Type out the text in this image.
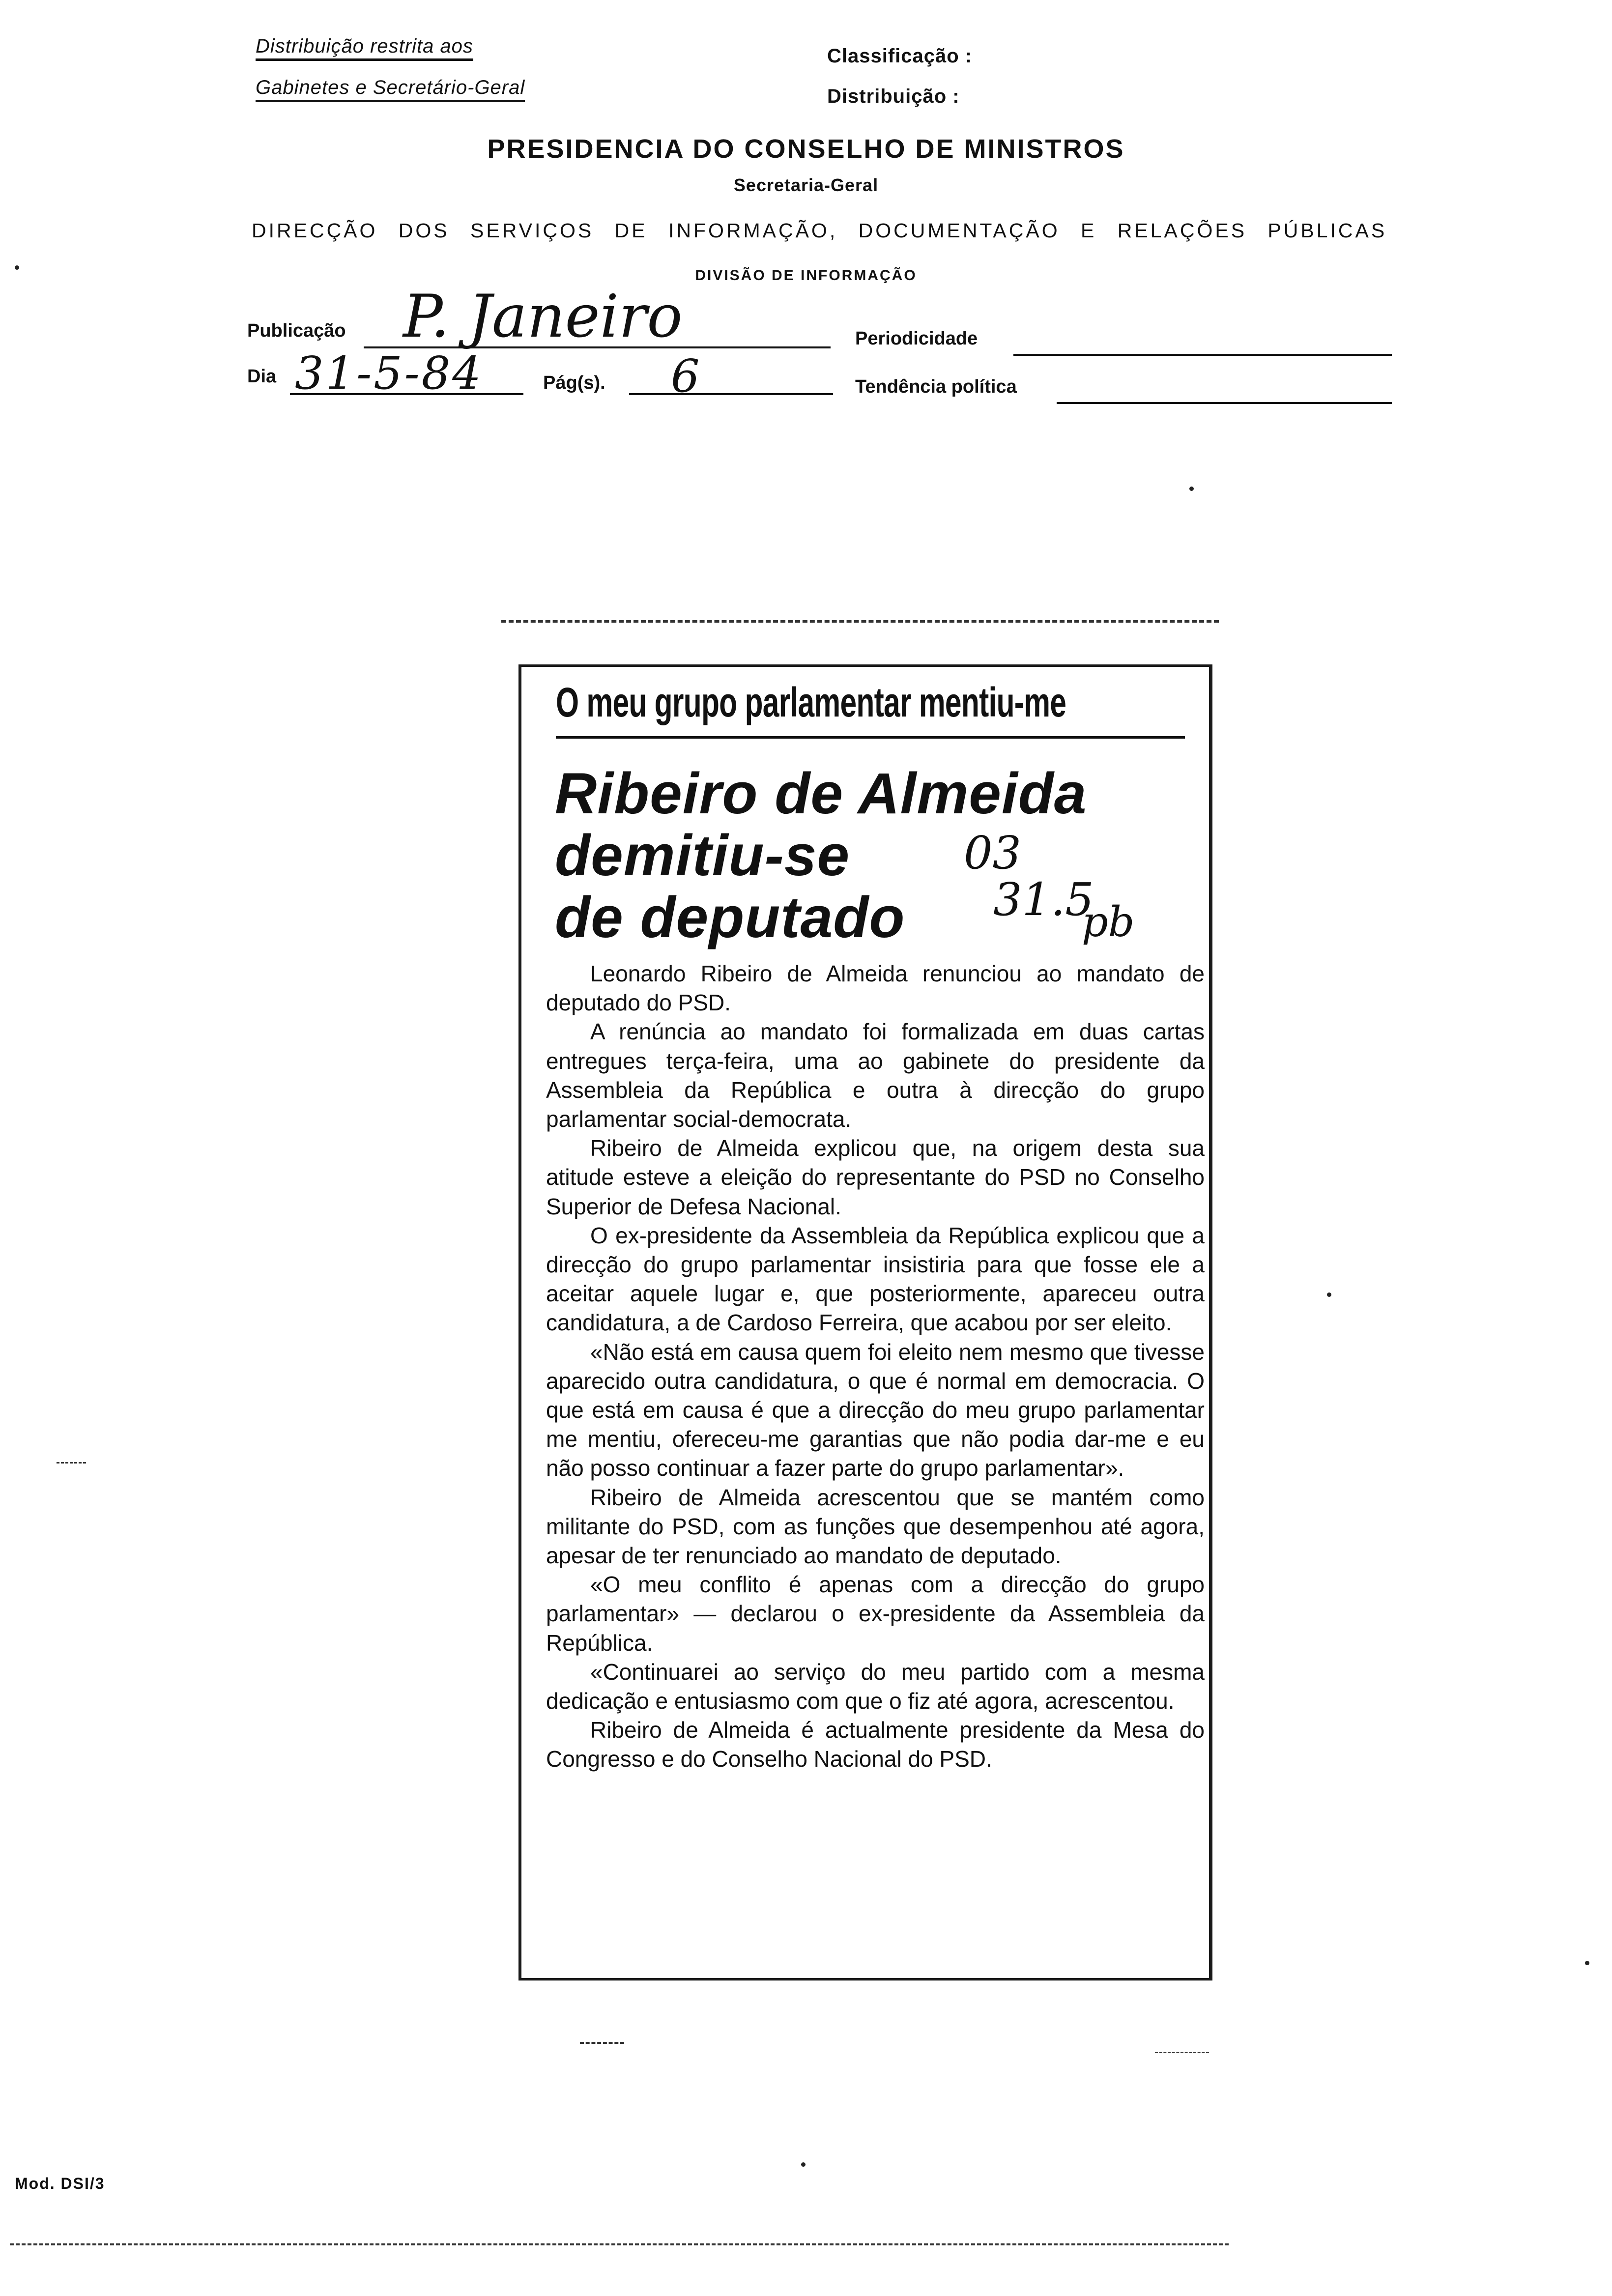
Distribuição restrita aos
Gabinetes e Secretário-Geral
Classificação :
Distribuição :
PRESIDENCIA DO CONSELHO DE MINISTROS
Secretaria-Geral
DIRECÇÃO DOS SERVIÇOS DE INFORMAÇÃO, DOCUMENTAÇÃO E RELAÇÕES PÚBLICAS
DIVISÃO DE INFORMAÇÃO
Publicação P. Janeiro	Periodicidade
Dia 31-5-84	Pág(s). 6	Tendência política
O meu grupo parlamentar mentiu-me
Ribeiro de Almeida
demitiu-se
de deputado
03
31.5
pb

Leonardo Ribeiro de Almeida renunciou ao mandato de deputado do PSD.

A renúncia ao mandato foi formalizada em duas cartas entregues terça-feira, uma ao gabinete do presidente da Assembleia da República e outra à direcção do grupo parlamentar social-democrata.

Ribeiro de Almeida explicou que, na origem desta sua atitude esteve a eleição do representante do PSD no Conselho Superior de Defesa Nacional.

O ex-presidente da Assembleia da República explicou que a direcção do grupo parlamentar insistiria para que fosse ele a aceitar aquele lugar e, que posteriormente, apareceu outra candidatura, a de Cardoso Ferreira, que acabou por ser eleito.

«Não está em causa quem foi eleito nem mesmo que tivesse aparecido outra candidatura, o que é normal em democracia. O que está em causa é que a direcção do meu grupo parlamentar me mentiu, ofereceu-me garantias que não podia dar-me e eu não posso continuar a fazer parte do grupo parlamentar».

Ribeiro de Almeida acrescentou que se mantém como militante do PSD, com as funções que desempenhou até agora, apesar de ter renunciado ao mandato de deputado.

«O meu conflito é apenas com a direcção do grupo parlamentar» — declarou o ex-presidente da Assembleia da República.

«Continuarei ao serviço do meu partido com a mesma dedicação e entusiasmo com que o fiz até agora, acrescentou.

Ribeiro de Almeida é actualmente presidente da Mesa do Congresso e do Conselho Nacional do PSD.

Mod. DSI/3
